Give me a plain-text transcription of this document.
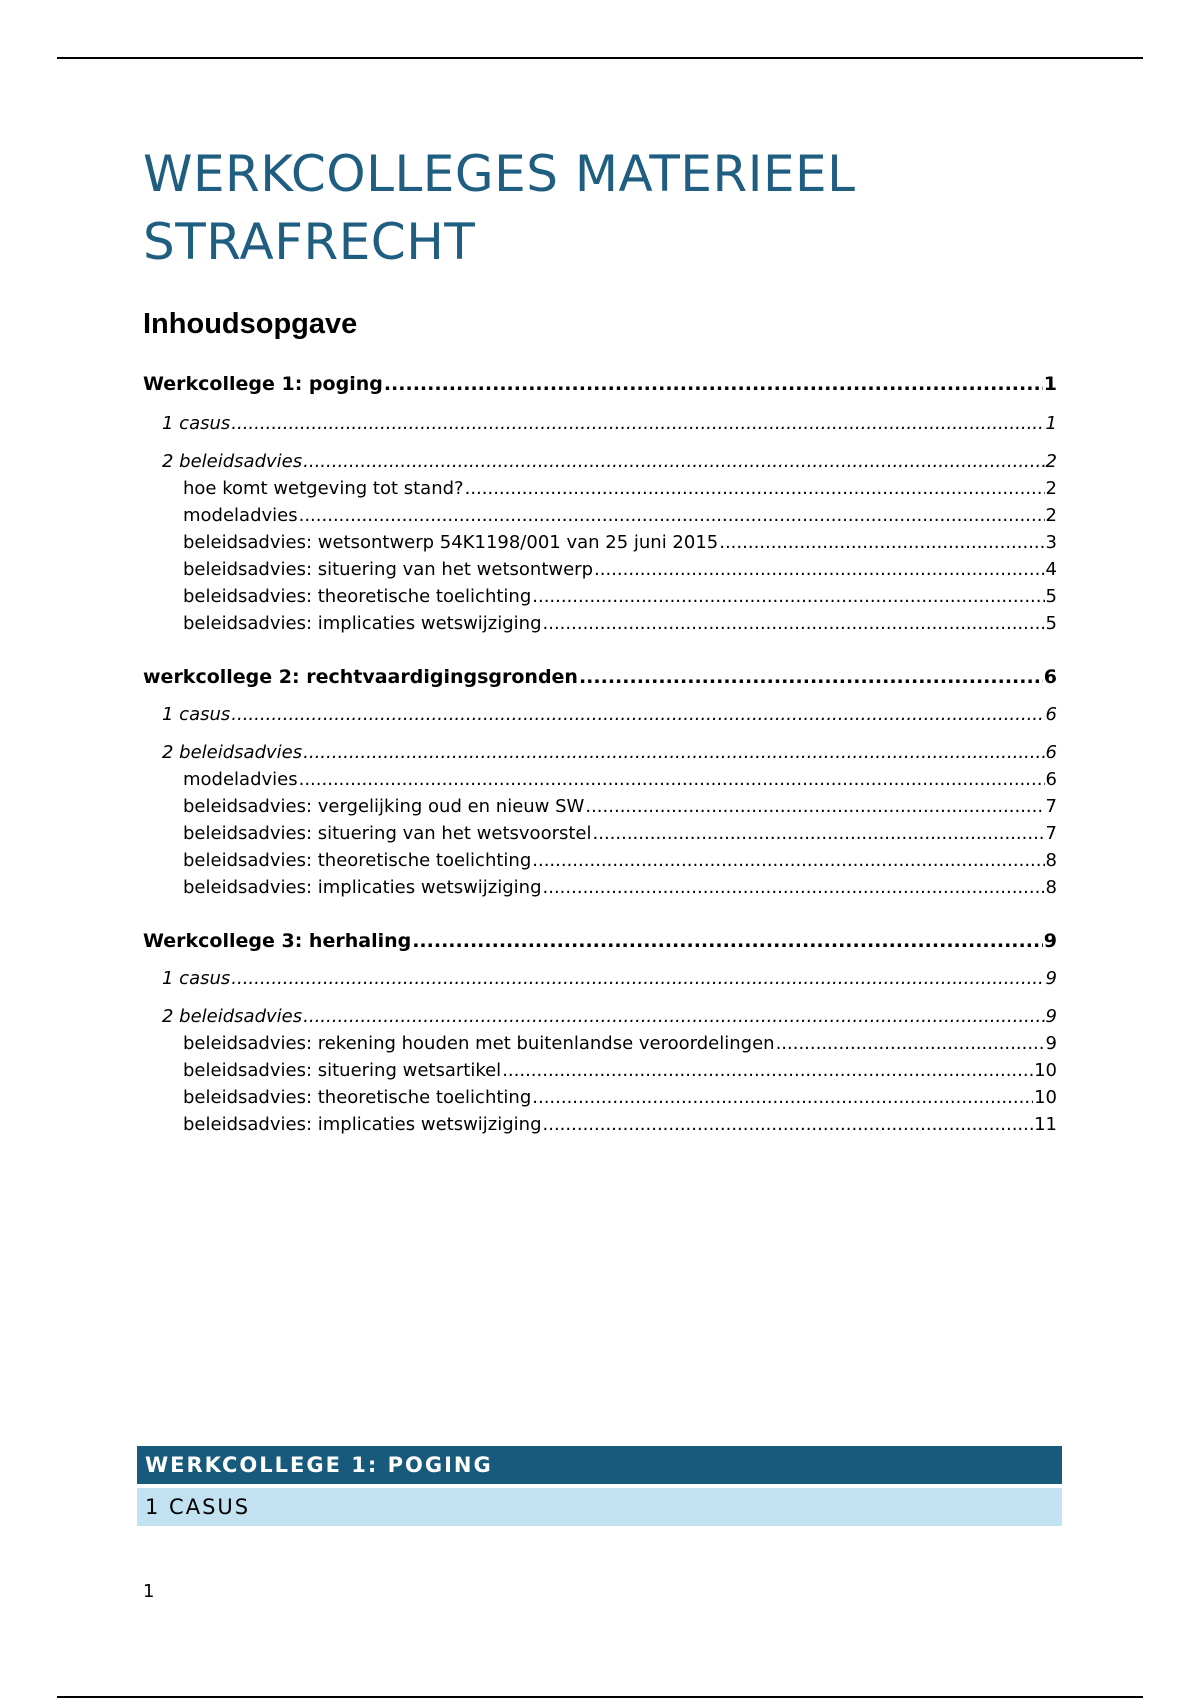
WERKCOLLEGES MATERIEEL
STRAFRECHT
Inhoudsopgave
Werkcollege 1: poging .....	1
1 casus .....	1
2 beleidsadvies .....	2
hoe komt wetgeving tot stand? .....	2
modeladvies .....	2
beleidsadvies: wetsontwerp 54K1198/001 van 25 juni 2015 .....	3
beleidsadvies: situering van het wetsontwerp .....	4
beleidsadvies: theoretische toelichting .....	5
beleidsadvies: implicaties wetswijziging .....	5
werkcollege 2: rechtvaardigingsgronden .....	6
1 casus .....	6
2 beleidsadvies .....	6
modeladvies .....	6
beleidsadvies: vergelijking oud en nieuw SW .....	7
beleidsadvies: situering van het wetsvoorstel .....	7
beleidsadvies: theoretische toelichting .....	8
beleidsadvies: implicaties wetswijziging .....	8
Werkcollege 3: herhaling .....	9
1 casus .....	9
2 beleidsadvies .....	9
beleidsadvies: rekening houden met buitenlandse veroordelingen .....	9
beleidsadvies: situering wetsartikel .....	10
beleidsadvies: theoretische toelichting .....	10
beleidsadvies: implicaties wetswijziging .....	11
WERKCOLLEGE 1: POGING
1 CASUS
1
